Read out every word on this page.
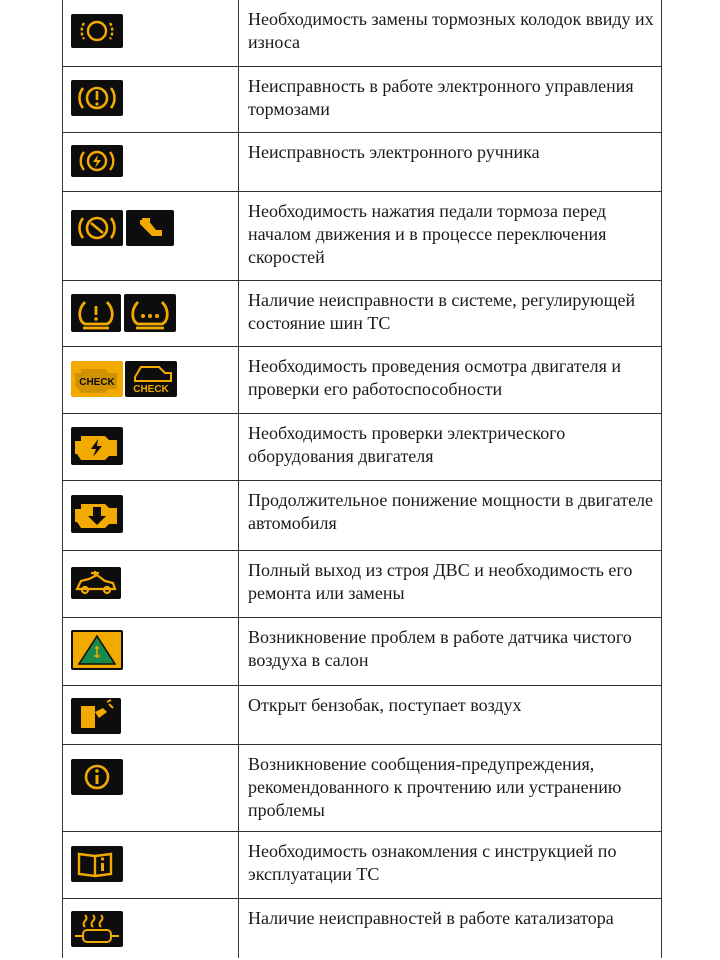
Необходимость замены тормозных колодок ввиду их износа
Неисправность в работе электронного управления тормозами
Неисправность электронного ручника
Необходимость нажатия педали тормоза перед началом движения и в процессе переключения скоростей
Наличие неисправности в системе, регулирующей состояние шин ТС
CHECK
CHECK
Необходимость проведения осмотра двигателя и проверки его работоспособности
Необходимость проверки электрического оборудования двигателя
Продолжительное понижение мощности в двигателе автомобиля
Полный выход из строя ДВС и необходимость его ремонта или замены
Возникновение проблем в работе датчика чистого воздуха в салон
Открыт бензобак, поступает воздух
Возникновение сообщения-предупреждения, рекомендованного к прочтению или устранению проблемы
Необходимость ознакомления с инструкцией по эксплуатации ТС
Наличие неисправностей в работе катализатора
